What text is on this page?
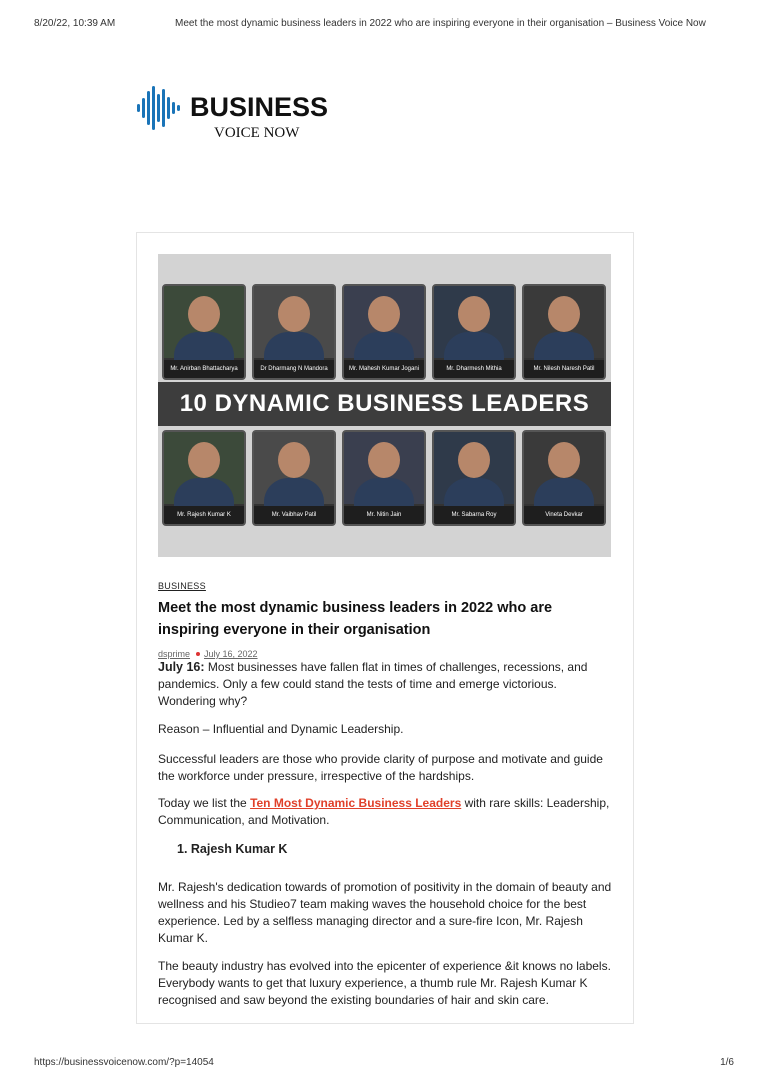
8/20/22, 10:39 AM	Meet the most dynamic business leaders in 2022 who are inspiring everyone in their organisation – Business Voice Now
BUSINESS
VOICE NOW
10 DYNAMIC BUSINESS LEADERS
Mr. Anirban Bhattacharya	Dr Dharmang N Mandora	Mr. Mahesh Kumar Jogani	Mr. Dharmesh Mithia	Mr. Nilesh Naresh Patil
Mr. Rajesh Kumar K	Mr. Vaibhav Patil	Mr. Nitin Jain	Mr. Sabarna Roy	Vineta Devkar
BUSINESS
Meet the most dynamic business leaders in 2022 who are inspiring everyone in their organisation
dsprime July 16, 2022
July 16: Most businesses have fallen flat in times of challenges, recessions, and pandemics. Only a few could stand the tests of time and emerge victorious. Wondering why?
Reason – Influential and Dynamic Leadership.
Successful leaders are those who provide clarity of purpose and motivate and guide the workforce under pressure, irrespective of the hardships.
Today we list the Ten Most Dynamic Business Leaders with rare skills: Leadership, Communication, and Motivation.
1. Rajesh Kumar K
Mr. Rajesh's dedication towards of promotion of positivity in the domain of beauty and wellness and his Studieo7 team making waves the household choice for the best experience. Led by a selfless managing director and a sure-fire Icon, Mr. Rajesh Kumar K.
The beauty industry has evolved into the epicenter of experience &it knows no labels. Everybody wants to get that luxury experience, a thumb rule Mr. Rajesh Kumar K recognised and saw beyond the existing boundaries of hair and skin care.
https://businessvoicenow.com/?p=14054	1/6
